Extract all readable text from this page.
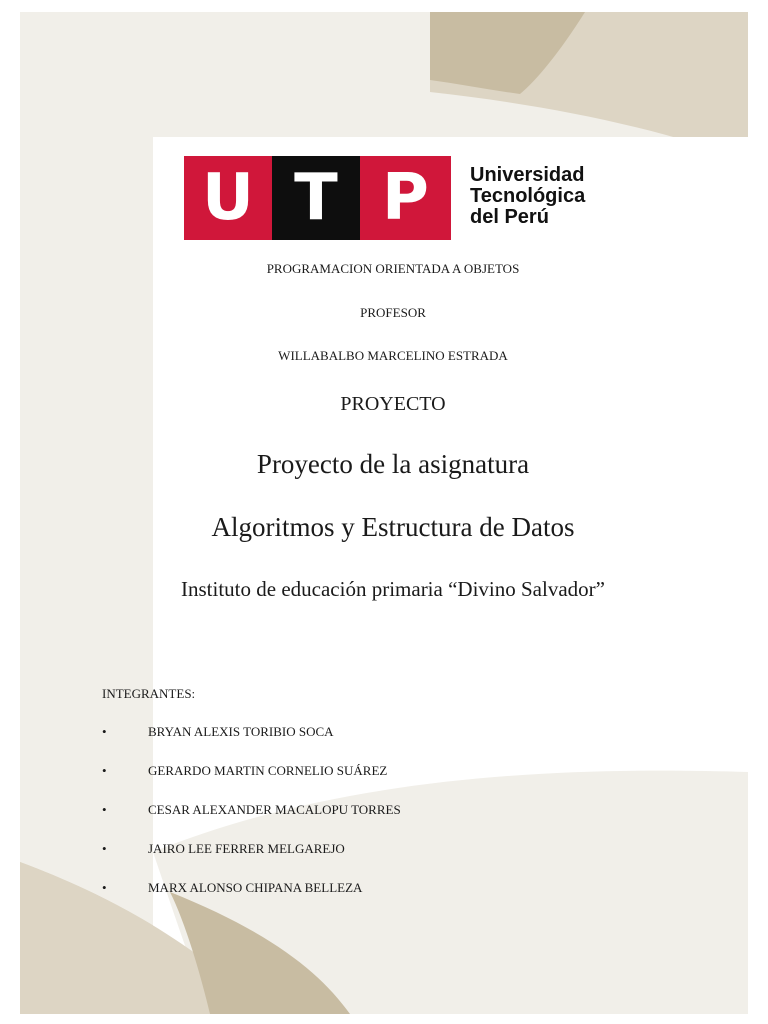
U T P	Universidad
Tecnológica
del Perú
PROGRAMACION ORIENTADA A OBJETOS
PROFESOR
WILLABALBO MARCELINO ESTRADA
PROYECTO
Proyecto de la asignatura
Algoritmos y Estructura de Datos
Instituto de educación primaria “Divino Salvador”
INTEGRANTES:
•	BRYAN ALEXIS TORIBIO SOCA
•	GERARDO MARTIN CORNELIO SUÁREZ
•	CESAR ALEXANDER MACALOPU TORRES
•	JAIRO LEE FERRER MELGAREJO
•	MARX ALONSO CHIPANA BELLEZA
